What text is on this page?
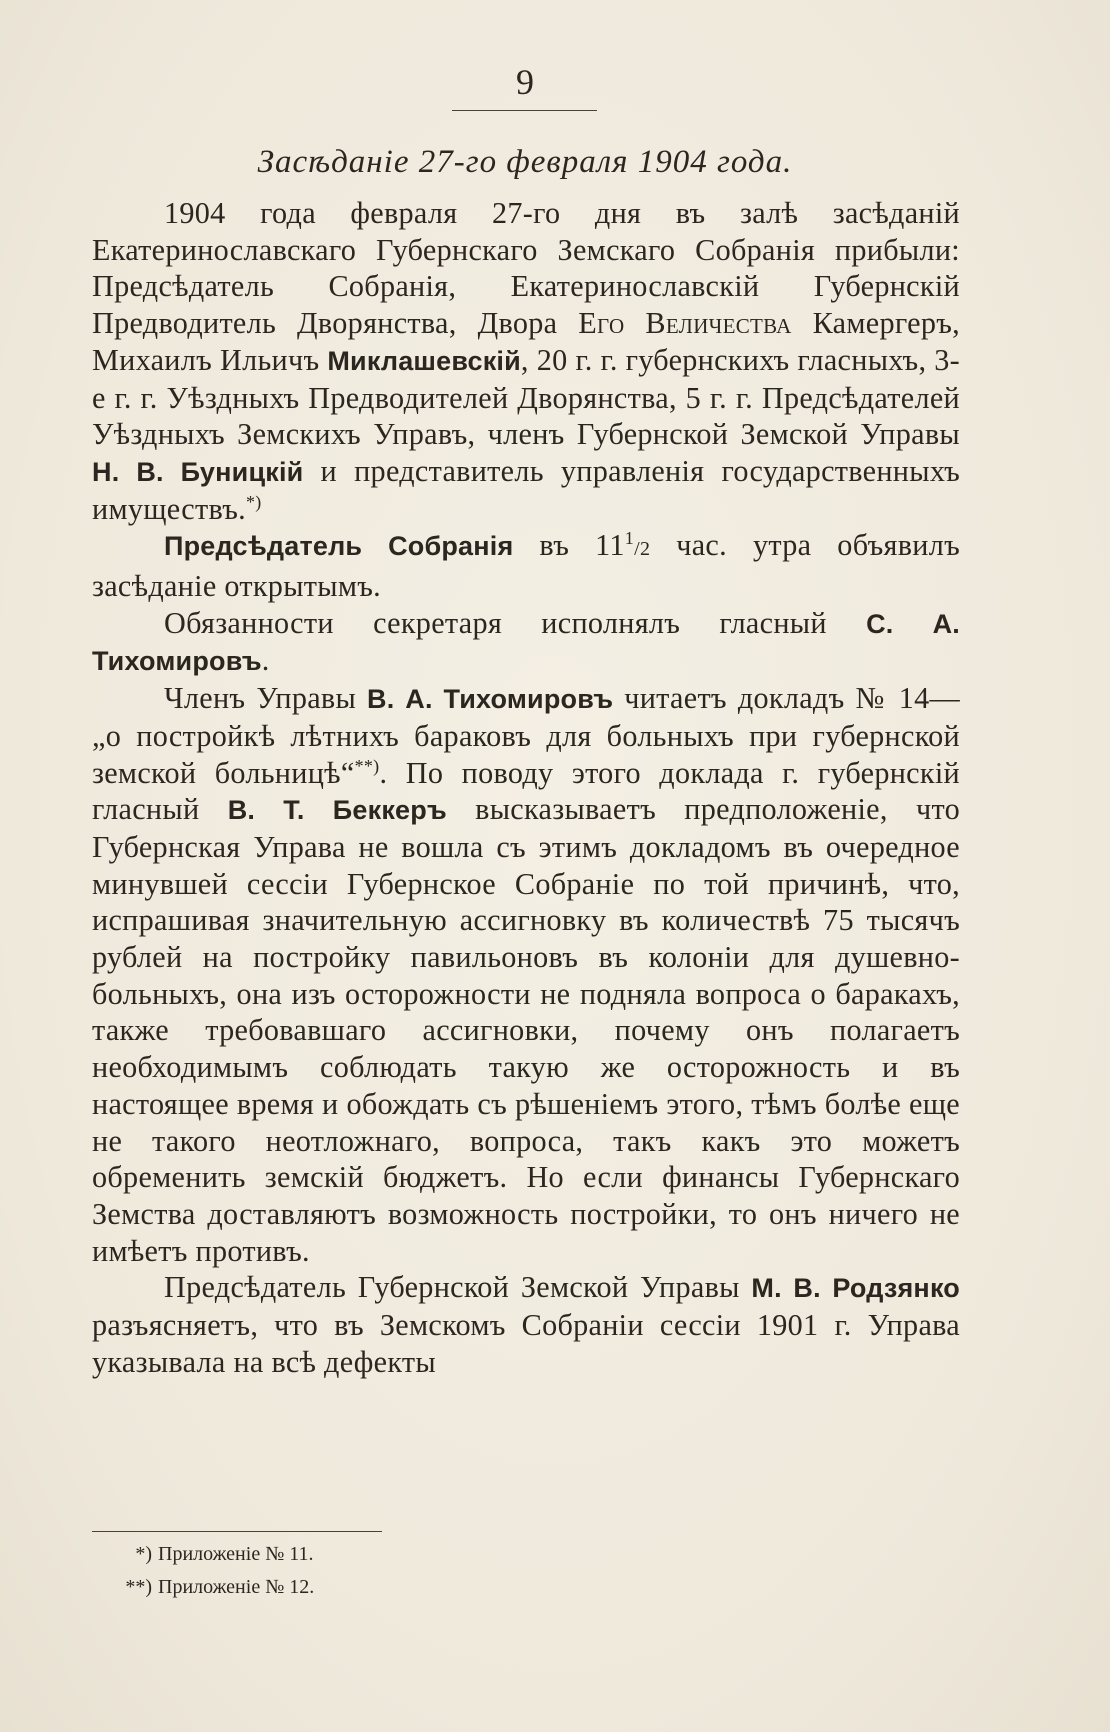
9
Засѣданіе 27-го февраля 1904 года.

1904 года февраля 27-го дня въ залѣ засѣданій Екатеринославскаго Губернскаго Земскаго Собранія прибыли: Предсѣдатель Собранія, Екатеринославскій Губернскій Предводитель Дворянства, Двора Его Величества Камергеръ, Михаилъ Ильичъ Миклашевскій, 20 г. г. губернскихъ гласныхъ, 3-е г. г. Уѣздныхъ Предводителей Дворянства, 5 г. г. Предсѣдателей Уѣздныхъ Земскихъ Управъ, членъ Губернской Земской Управы Н. В. Буницкій и представитель управленія государственныхъ имуществъ.*)

Предсѣдатель Собранія въ $11^1/2$ час. утра объявилъ засѣданіе открытымъ.

Обязанности секретаря исполнялъ гласный С. А. Тихомировъ.

Членъ Управы В. А. Тихомировъ читаетъ докладъ № 14—„о постройкѣ лѣтнихъ бараковъ для больныхъ при губернской земской больницѣ“**). По поводу этого доклада г. губернскій гласный В. Т. Беккеръ высказываетъ предположеніе, что Губернская Управа не вошла съ этимъ докладомъ въ очередное минувшей сессіи Губернское Собраніе по той причинѣ, что, испрашивая значительную ассигновку въ количествѣ 75 тысячъ рублей на постройку павильоновъ въ колоніи для душевно-больныхъ, она изъ осторожности не подняла вопроса о баракахъ, также требовавшаго ассигновки, почему онъ полагаетъ необходимымъ соблюдать такую же осторожность и въ настоящее время и обождать съ рѣшеніемъ этого, тѣмъ болѣе еще не такого неотложнаго, вопроса, такъ какъ это можетъ обременить земскій бюджетъ. Но если финансы Губернскаго Земства доставляютъ возможность постройки, то онъ ничего не имѣетъ противъ.

Предсѣдатель Губернской Земской Управы М. В. Родзянко разъясняетъ, что въ Земскомъ Собраніи сессіи 1901 г. Управа указывала на всѣ дефекты

*) Приложеніе № 11.
**) Приложеніе № 12.
